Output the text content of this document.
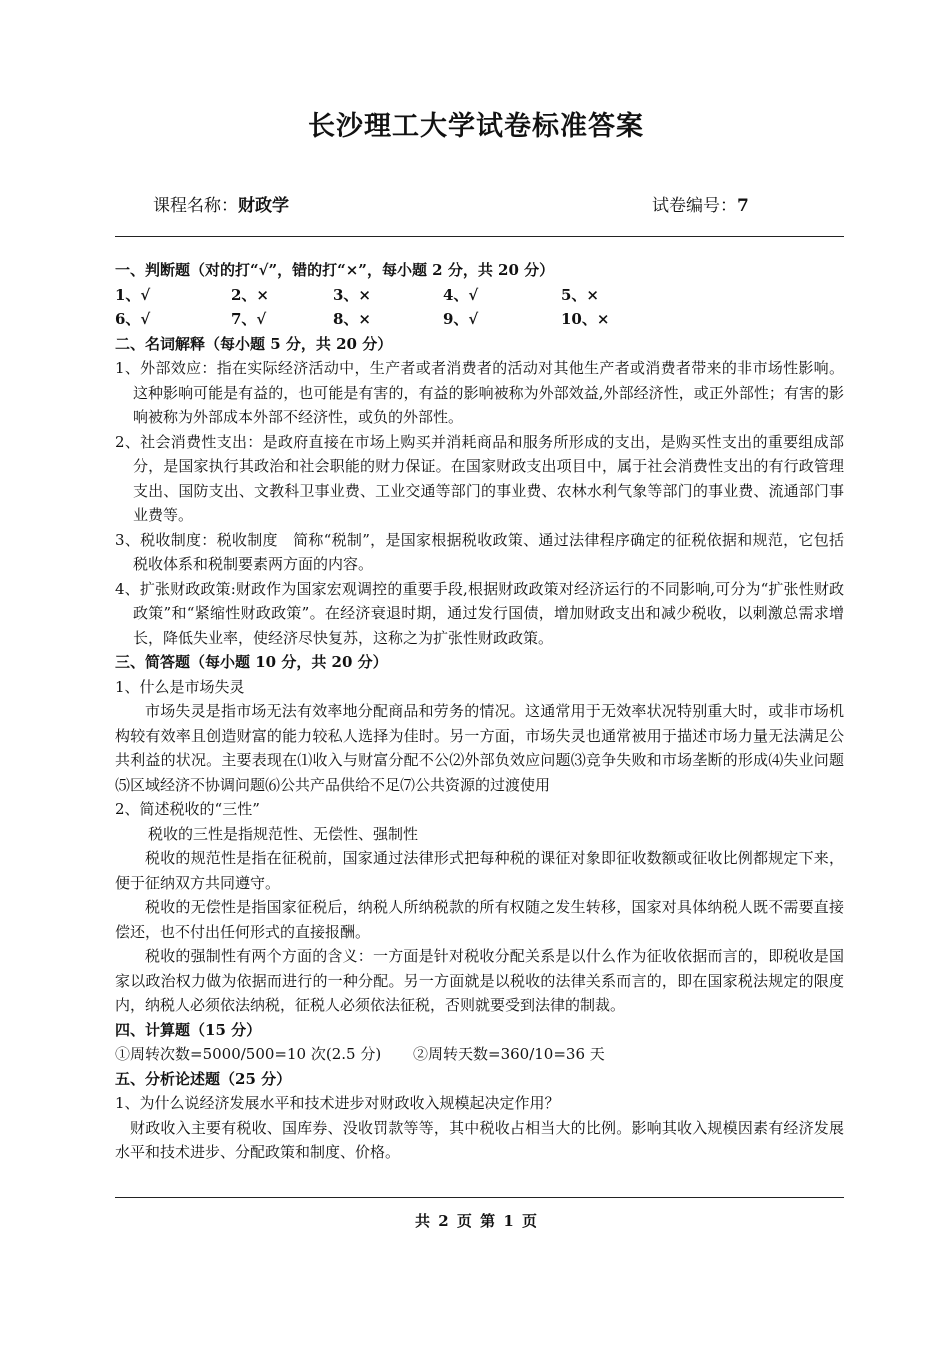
长沙理工大学试卷标准答案
课程名称：财政学	试卷编号：7
一、判断题（对的打“√”，错的打“×”，每小题 2 分，共 20 分）
1、√	2、×	3、×	4、√	5、×
6、√	7、√	8、×	9、√	10、×
二、名词解释（每小题 5 分，共 20 分）
1、外部效应：指在实际经济活动中，生产者或者消费者的活动对其他生产者或消费者带来的非市场性影响。这种影响可能是有益的，也可能是有害的，有益的影响被称为外部效益,外部经济性，或正外部性；有害的影响被称为外部成本外部不经济性，或负的外部性。
2、社会消费性支出：是政府直接在市场上购买并消耗商品和服务所形成的支出，是购买性支出的重要组成部分，是国家执行其政治和社会职能的财力保证。在国家财政支出项目中，属于社会消费性支出的有行政管理支出、国防支出、文教科卫事业费、工业交通等部门的事业费、农林水利气象等部门的事业费、流通部门事业费等。
3、税收制度：税收制度　简称“税制”，是国家根据税收政策、通过法律程序确定的征税依据和规范，它包括税收体系和税制要素两方面的内容。
4、扩张财政政策:财政作为国家宏观调控的重要手段,根据财政政策对经济运行的不同影响,可分为“扩张性财政政策”和“紧缩性财政政策”。在经济衰退时期，通过发行国债，增加财政支出和减少税收，以刺激总需求增长，降低失业率，使经济尽快复苏，这称之为扩张性财政政策。
三、简答题（每小题 10 分，共 20 分）
1、什么是市场失灵
市场失灵是指市场无法有效率地分配商品和劳务的情况。这通常用于无效率状况特别重大时，或非市场机构较有效率且创造财富的能力较私人选择为佳时。另一方面，市场失灵也通常被用于描述市场力量无法满足公共利益的状况。主要表现在⑴收入与财富分配不公⑵外部负效应问题⑶竞争失败和市场垄断的形成⑷失业问题⑸区域经济不协调问题⑹公共产品供给不足⑺公共资源的过渡使用
2、简述税收的“三性”
税收的三性是指规范性、无偿性、强制性
税收的规范性是指在征税前，国家通过法律形式把每种税的课征对象即征收数额或征收比例都规定下来，便于征纳双方共同遵守。
税收的无偿性是指国家征税后，纳税人所纳税款的所有权随之发生转移，国家对具体纳税人既不需要直接偿还，也不付出任何形式的直接报酬。
税收的强制性有两个方面的含义：一方面是针对税收分配关系是以什么作为征收依据而言的，即税收是国家以政治权力做为依据而进行的一种分配。另一方面就是以税收的法律关系而言的，即在国家税法规定的限度内，纳税人必须依法纳税，征税人必须依法征税，否则就要受到法律的制裁。
四、计算题（15 分）
①周转次数=5000/500=10 次(2.5 分)	②周转天数=360/10=36 天
五、分析论述题（25 分）
1、为什么说经济发展水平和技术进步对财政收入规模起决定作用？
财政收入主要有税收、国库券、没收罚款等等，其中税收占相当大的比例。影响其收入规模因素有经济发展水平和技术进步、分配政策和制度、价格。
共 2 页 第 1 页
